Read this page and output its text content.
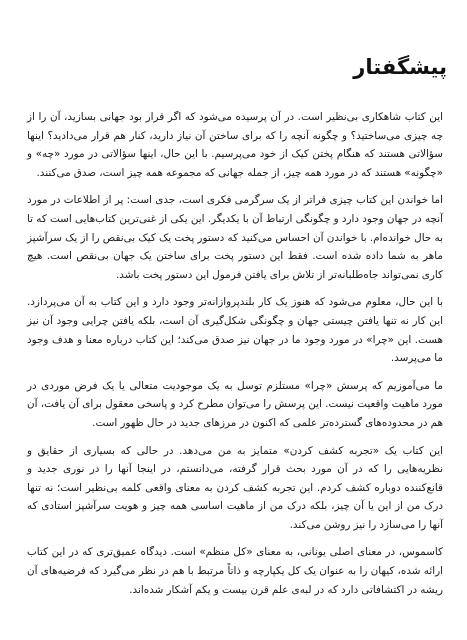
پیشگفتار

این کتاب شاهکاری بی‌نظیر است. در آن پرسیده می‌شود که اگر قرار بود جهانی بسازید، آن را از چه چیزی می‌ساختید؟ و چگونه آنچه را که برای ساختن آن نیاز دارید، کنار هم قرار می‌دادید؟ اینها سؤالاتی هستند که هنگام پختن کیک از خود می‌پرسیم. با این حال، اینها سؤالاتی در مورد «چه» و «چگونه» هستند که در مورد همه چیز، از جمله جهانی که مجموعه همه چیز است، صدق می‌کنند.

اما خواندن این کتاب چیزی فراتر از یک سرگرمی فکری است، جدی است: پر از اطلاعات در مورد آنچه در جهان وجود دارد و چگونگی ارتباط آن با یکدیگر. این یکی از غنی‌ترین کتاب‌هایی است که تا به حال خوانده‌ام. با خواندن آن احساس می‌کنید که دستور پخت یک کیک بی‌نقص را از یک سرآشپز ماهر به شما داده شده است. فقط این دستور پخت برای ساختن یک جهان بی‌نقص است. هیچ کاری نمی‌تواند جاه‌طلبانه‌تر از تلاش برای یافتن فرمول این دستور پخت باشد.

با این حال، معلوم می‌شود که هنوز یک کار بلندپروازانه‌تر وجود دارد و این کتاب به آن می‌پردازد. این کار نه تنها یافتن چیستی جهان و چگونگی شکل‌گیری آن است، بلکه یافتن چرایی وجود آن نیز هست. این «چرا» در مورد وجود ما در جهان نیز صدق می‌کند؛ این کتاب درباره معنا و هدف وجود ما می‌پرسد.

ما می‌آموزیم که پرسش «چرا» مستلزم توسل به یک موجودیت متعالی یا یک فرض موردی در مورد ماهیت واقعیت نیست. این پرسش را می‌توان مطرح کرد و پاسخی معقول برای آن یافت، آن هم در محدوده‌های گسترده‌تر علمی که اکنون در مرزهای جدید در حال ظهور است.

این کتاب یک «تجربه کشف کردن» متمایز به من می‌دهد. در حالی که بسیاری از حقایق و نظریه‌هایی را که در آن مورد بحث قرار گرفته، می‌دانستم، در اینجا آنها را در نوری جدید و قانع‌کننده دوباره کشف کردم. این تجربه کشف کردن به معنای واقعی کلمه بی‌نظیر است؛ نه تنها درک من از این یا آن چیز، بلکه درک من از ماهیت اساسی همه چیز و هویت سرآشپز استادی که آنها را می‌سازد را نیز روشن می‌کند.

کاسموس، در معنای اصلی یونانی، به معنای «کل منظم» است. دیدگاه عمیق‌تری که در این کتاب ارائه شده، کیهان را به عنوان یک کل یکپارچه و ذاتاً مرتبط با هم در نظر می‌گیرد که فرضیه‌های آن ریشه در اکتشافاتی دارد که در لبه‌ی علم قرن بیست و یکم آشکار شده‌اند.
